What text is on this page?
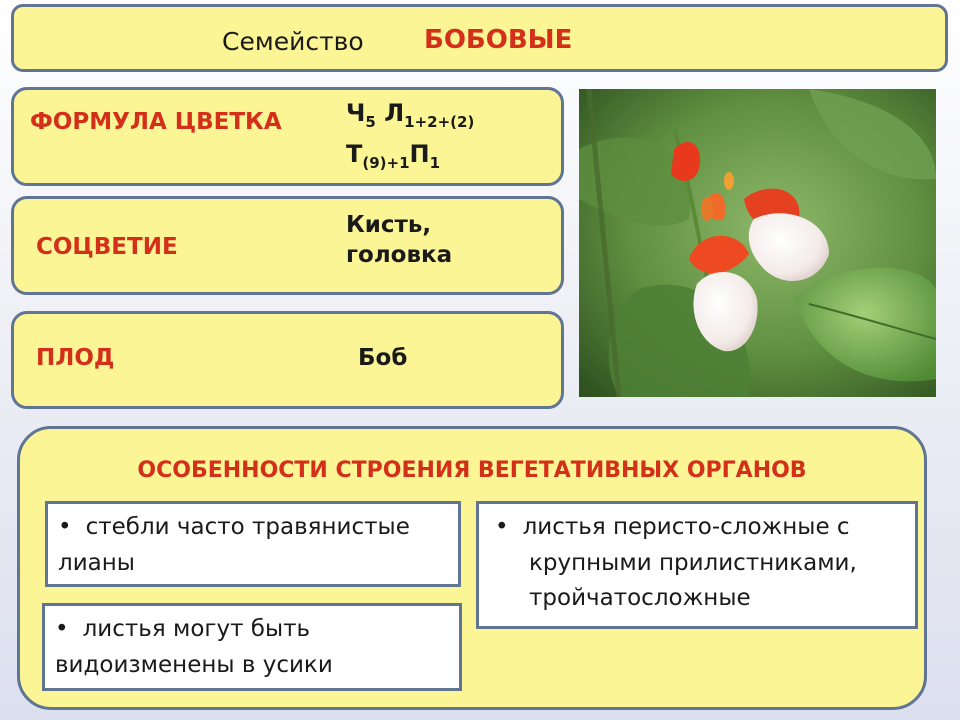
Семейство БОБОВЫЕ
ФОРМУЛА ЦВЕТКА	$Ч_5$ $Л_{1+2+(2)}$
$Т_{(9)+1}П_1$
СОЦВЕТИЕ
Кисть,
головка
ПЛОД	Боб
ОСОБЕННОСТИ СТРОЕНИЯ ВЕГЕТАТИВНЫХ ОРГАНОВ
• стебли часто травянистые
лианы
• листья могут быть
видоизменены в усики
• листья перисто-сложные с
крупными прилистниками,
тройчатосложные
